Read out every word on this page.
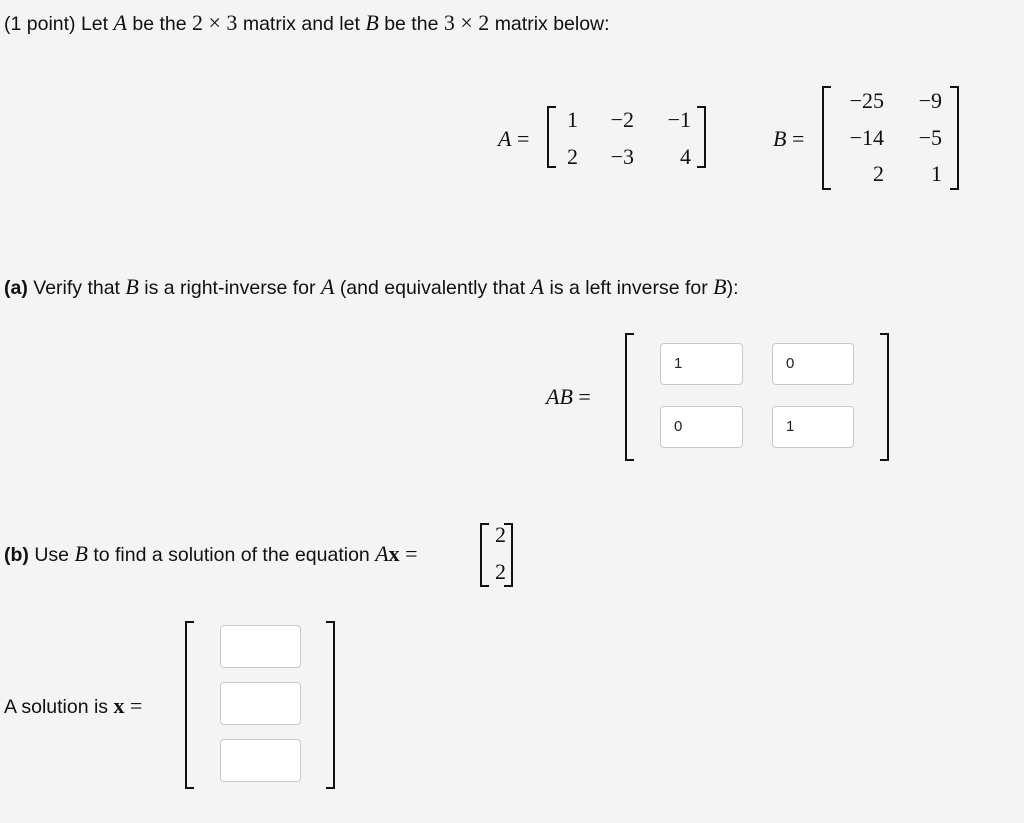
(1 point) Let A be the 2 × 3 matrix and let B be the 3 × 2 matrix below:
A =
1	−2	−1
2	−3	4
B =
−25	−9
−14	−5
2	1
(a) Verify that B is a right-inverse for A (and equivalently that A is a left inverse for B):
AB =
1	0
0	1
(b) Use B to find a solution of the equation Ax =
2
2
A solution is x =
